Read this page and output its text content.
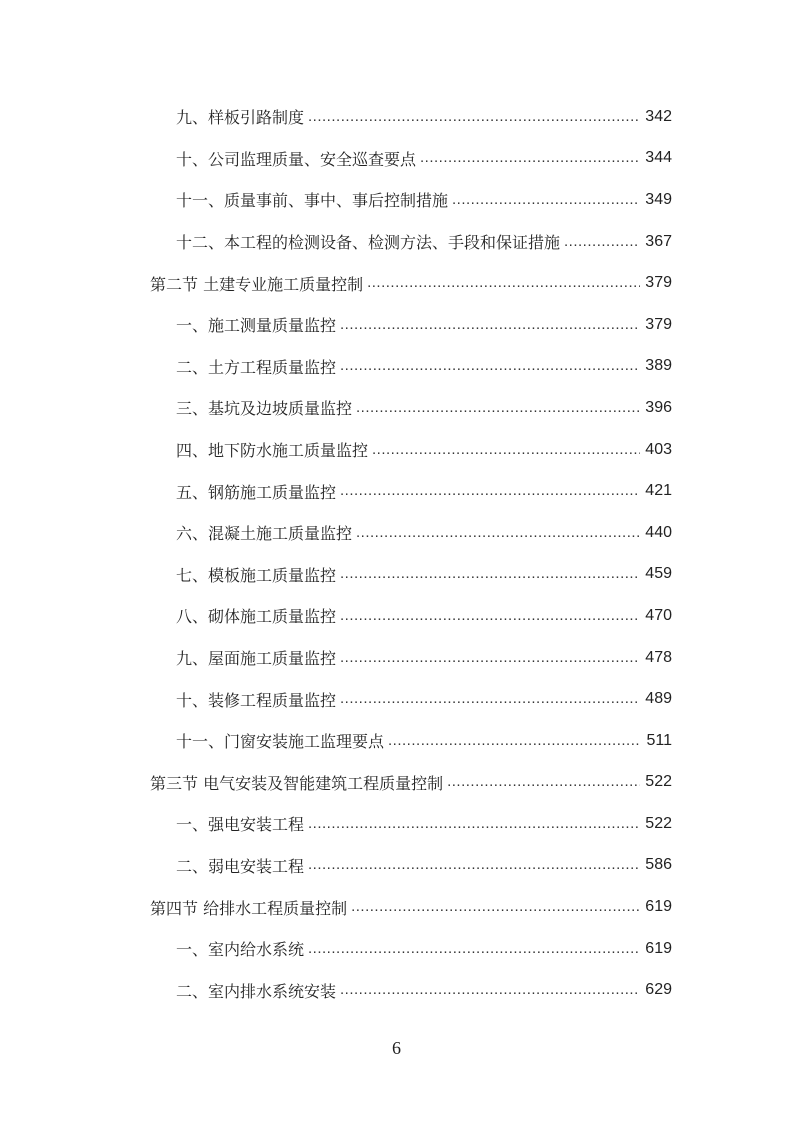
九、样板引路制度 .....	342
十、公司监理质量、安全巡查要点 .....	344
十一、质量事前、事中、事后控制措施 .....	349
十二、本工程的检测设备、检测方法、手段和保证措施 .....	367
第二节 土建专业施工质量控制 .....	379
一、施工测量质量监控 .....	379
二、土方工程质量监控 .....	389
三、基坑及边坡质量监控 .....	396
四、地下防水施工质量监控 .....	403
五、钢筋施工质量监控 .....	421
六、混凝土施工质量监控 .....	440
七、模板施工质量监控 .....	459
八、砌体施工质量监控 .....	470
九、屋面施工质量监控 .....	478
十、装修工程质量监控 .....	489
十一、门窗安装施工监理要点 .....	511
第三节 电气安装及智能建筑工程质量控制 .....	522
一、强电安装工程 .....	522
二、弱电安装工程 .....	586
第四节 给排水工程质量控制 .....	619
一、室内给水系统 .....	619
二、室内排水系统安装 .....	629
6
